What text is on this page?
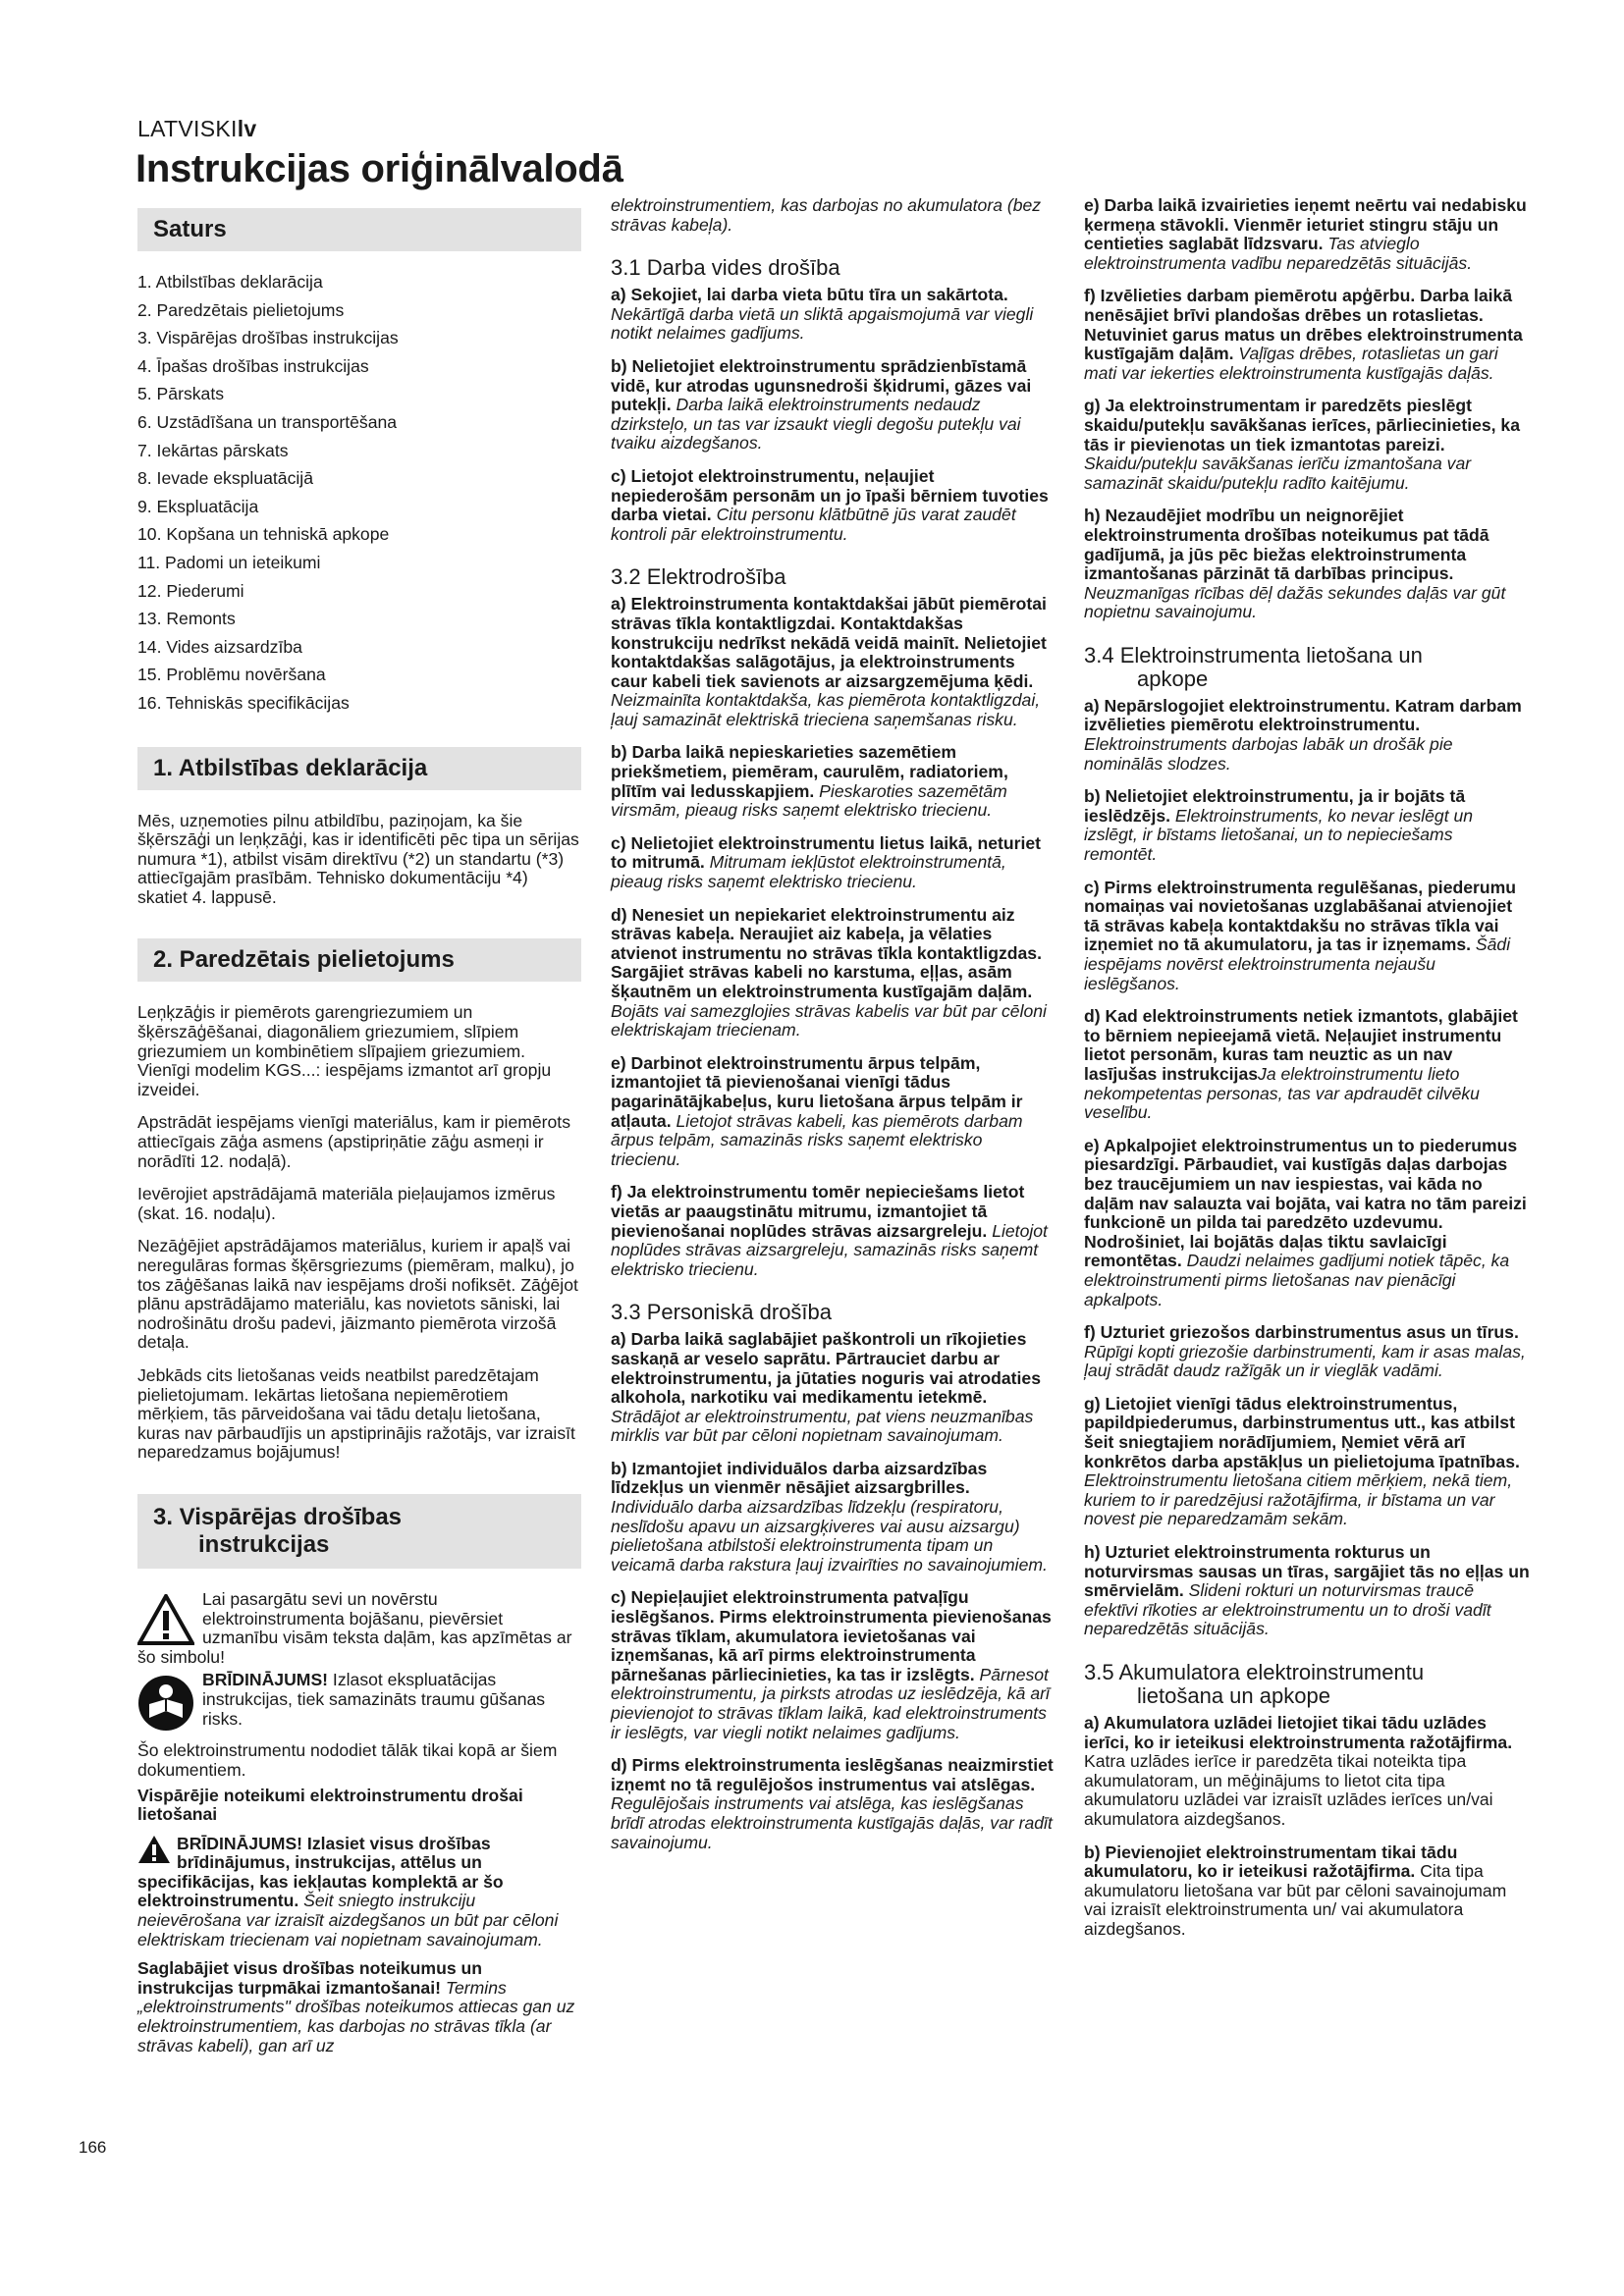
LATVISKIlv
Instrukcijas oriģinālvalodā
Saturs
1. Atbilstības deklarācija
2. Paredzētais pielietojums
3. Vispārējas drošības instrukcijas
4. Īpašas drošības instrukcijas
5. Pārskats
6. Uzstādīšana un transportēšana
7. Iekārtas pārskats
8. Ievade ekspluatācijā
9. Ekspluatācija
10. Kopšana un tehniskā apkope
11. Padomi un ieteikumi
12. Piederumi
13. Remonts
14. Vides aizsardzība
15. Problēmu novēršana
16. Tehniskās specifikācijas
1. Atbilstības deklarācija

Mēs, uzņemoties pilnu atbildību, paziņojam, ka šie šķērszāģi un leņķzāģi, kas ir identificēti pēc tipa un sērijas numura *1), atbilst visām direktīvu (*2) un standartu (*3) attiecīgajām prasībām. Tehnisko dokumentāciju *4) skatiet 4. lappusē.

2. Paredzētais pielietojums

Leņķzāģis ir piemērots garengriezumiem un šķērszāģēšanai, diagonāliem griezumiem, slīpiem griezumiem un kombinētiem slīpajiem griezumiem.
Vienīgi modelim KGS...: iespējams izmantot arī gropju izveidei.

Apstrādāt iespējams vienīgi materiālus, kam ir piemērots attiecīgais zāģa asmens (apstipriņātie zāģu asmeņi ir norādīti 12. nodaļā).

Ievērojiet apstrādājamā materiāla pieļaujamos izmērus (skat. 16. nodaļu).

Nezāģējiet apstrādājamos materiālus, kuriem ir apaļš vai neregulāras formas šķērsgriezums (piemēram, malku), jo tos zāģēšanas laikā nav iespējams droši nofiksēt. Zāģējot plānu apstrādājamo materiālu, kas novietots sāniski, lai nodrošinātu drošu padevi, jāizmanto piemērota virzošā detaļa.

Jebkāds cits lietošanas veids neatbilst paredzētajam pielietojumam. Iekārtas lietošana nepiemērotiem mērķiem, tās pārveidošana vai tādu detaļu lietošana, kuras nav pārbaudījis un apstiprinājis ražotājs, var izraisīt neparedzamus bojājumus!

3. Vispārējas drošības
instrukcijas
Lai pasargātu sevi un novērstu elektroinstrumenta bojāšanu, pievērsiet uzmanību visām teksta daļām, kas apzīmētas ar šo simbolu!
BRĪDINĀJUMS! Izlasot ekspluatācijas instrukcijas, tiek samazināts traumu gūšanas risks.

Šo elektroinstrumentu nododiet tālāk tikai kopā ar šiem dokumentiem.

Vispārējie noteikumi elektroinstrumentu drošai lietošanai

BRĪDINĀJUMS! Izlasiet visus drošības brīdinājumus, instrukcijas, attēlus un specifikācijas, kas iekļautas komplektā ar šo elektroinstrumentu. Šeit sniegto instrukciju neievērošana var izraisīt aizdegšanos un būt par cēloni elektriskam triecienam vai nopietnam savainojumam.

Saglabājiet visus drošības noteikumus un instrukcijas turpmākai izmantošanai! Termins „elektroinstruments" drošības noteikumos attiecas gan uz elektroinstrumentiem, kas darbojas no strāvas tīkla (ar strāvas kabeli), gan arī uz

elektroinstrumentiem, kas darbojas no akumulatora (bez strāvas kabeļa).

3.1 Darba vides drošība

a) Sekojiet, lai darba vieta būtu tīra un sakārtota. Nekārtīgā darba vietā un sliktā apgaismojumā var viegli notikt nelaimes gadījums.

b) Nelietojiet elektroinstrumentu sprādzienbīstamā vidē, kur atrodas ugunsnedroši šķidrumi, gāzes vai putekļi. Darba laikā elektroinstruments nedaudz dzirksteļo, un tas var izsaukt viegli degošu putekļu vai tvaiku aizdegšanos.

c) Lietojot elektroinstrumentu, neļaujiet nepiederošām personām un jo īpaši bērniem tuvoties darba vietai. Citu personu klātbūtnē jūs varat zaudēt kontroli pār elektroinstrumentu.

3.2 Elektrodrošība

a) Elektroinstrumenta kontaktdakšai jābūt piemērotai strāvas tīkla kontaktligzdai. Kontaktdakšas konstrukciju nedrīkst nekādā veidā mainīt. Nelietojiet kontaktdakšas salāgotājus, ja elektroinstruments caur kabeli tiek savienots ar aizsargzemējuma ķēdi. Neizmainīta kontaktdakša, kas piemērota kontaktligzdai, ļauj samazināt elektriskā trieciena saņemšanas risku.

b) Darba laikā nepieskarieties sazemētiem priekšmetiem, piemēram, caurulēm, radiatoriem, plītīm vai ledusskapjiem. Pieskaroties sazemētām virsmām, pieaug risks saņemt elektrisko triecienu.

c) Nelietojiet elektroinstrumentu lietus laikā, neturiet to mitrumā. Mitrumam iekļūstot elektroinstrumentā, pieaug risks saņemt elektrisko triecienu.

d) Nenesiet un nepiekariet elektroinstrumentu aiz strāvas kabeļa. Neraujiet aiz kabeļa, ja vēlaties atvienot instrumentu no strāvas tīkla kontaktligzdas. Sargājiet strāvas kabeli no karstuma, eļļas, asām šķautnēm un elektroinstrumenta kustīgajām daļām. Bojāts vai samezglojies strāvas kabelis var būt par cēloni elektriskajam triecienam.

e) Darbinot elektroinstrumentu ārpus telpām, izmantojiet tā pievienošanai vienīgi tādus pagarinātājkabeļus, kuru lietošana ārpus telpām ir atļauta. Lietojot strāvas kabeli, kas piemērots darbam ārpus telpām, samazinās risks saņemt elektrisko triecienu.

f) Ja elektroinstrumentu tomēr nepieciešams lietot vietās ar paaugstinātu mitrumu, izmantojiet tā pievienošanai noplūdes strāvas aizsargreleju. Lietojot noplūdes strāvas aizsargreleju, samazinās risks saņemt elektrisko triecienu.

3.3 Personiskā drošība

a) Darba laikā saglabājiet paškontroli un rīkojieties saskaņā ar veselo saprātu. Pārtrauciet darbu ar elektroinstrumentu, ja jūtaties noguris vai atrodaties alkohola, narkotiku vai medikamentu ietekmē. Strādājot ar elektroinstrumentu, pat viens neuzmanības mirklis var būt par cēloni nopietnam savainojumam.

b) Izmantojiet individuālos darba aizsardzības līdzekļus un vienmēr nēsājiet aizsargbrilles. Individuālo darba aizsardzības līdzekļu (respiratoru, neslīdošu apavu un aizsargķiveres vai ausu aizsargu) pielietošana atbilstoši elektroinstrumenta tipam un veicamā darba rakstura ļauj izvairīties no savainojumiem.

c) Nepieļaujiet elektroinstrumenta patvaļīgu ieslēgšanos. Pirms elektroinstrumenta pievienošanas strāvas tīklam, akumulatora ievietošanas vai izņemšanas, kā arī pirms elektroinstrumenta pārnešanas pārliecinieties, ka tas ir izslēgts. Pārnesot elektroinstrumentu, ja pirksts atrodas uz ieslēdzēja, kā arī pievienojot to strāvas tīklam laikā, kad elektroinstruments ir ieslēgts, var viegli notikt nelaimes gadījums.

d) Pirms elektroinstrumenta ieslēgšanas neaizmirstiet izņemt no tā regulējošos instrumentus vai atslēgas. Regulējošais instruments vai atslēga, kas ieslēgšanas brīdī atrodas elektroinstrumenta kustīgajās daļās, var radīt savainojumu.

e) Darba laikā izvairieties ieņemt neērtu vai nedabisku ķermeņa stāvokli. Vienmēr ieturiet stingru stāju un centieties saglabāt līdzsvaru. Tas atvieglo elektroinstrumenta vadību neparedzētās situācijās.

f) Izvēlieties darbam piemērotu apģērbu. Darba laikā nenēsājiet brīvi plandošas drēbes un rotaslietas. Netuviniet garus matus un drēbes elektroinstrumenta kustīgajām daļām. Vaļīgas drēbes, rotaslietas un gari mati var iekerties elektroinstrumenta kustīgajās daļās.

g) Ja elektroinstrumentam ir paredzēts pieslēgt skaidu/putekļu savākšanas ierīces, pārliecinieties, ka tās ir pievienotas un tiek izmantotas pareizi. Skaidu/putekļu savākšanas ierīču izmantošana var samazināt skaidu/putekļu radīto kaitējumu.

h) Nezaudējiet modrību un neignorējiet elektroinstrumenta drošības noteikumus pat tādā gadījumā, ja jūs pēc biežas elektroinstrumenta izmantošanas pārzināt tā darbības principus. Neuzmanīgas rīcības dēļ dažās sekundes daļās var gūt nopietnu savainojumu.

3.4 Elektroinstrumenta lietošana un
apkope

a) Nepārslogojiet elektroinstrumentu. Katram darbam izvēlieties piemērotu elektroinstrumentu. Elektroinstruments darbojas labāk un drošāk pie nominālās slodzes.

b) Nelietojiet elektroinstrumentu, ja ir bojāts tā ieslēdzējs. Elektroinstruments, ko nevar ieslēgt un izslēgt, ir bīstams lietošanai, un to nepieciešams remontēt.

c) Pirms elektroinstrumenta regulēšanas, piederumu nomaiņas vai novietošanas uzglabāšanai atvienojiet tā strāvas kabeļa kontaktdakšu no strāvas tīkla vai izņemiet no tā akumulatoru, ja tas ir izņemams. Šādi iespējams novērst elektroinstrumenta nejaušu ieslēgšanos.

d) Kad elektroinstruments netiek izmantots, glabājiet to bērniem nepieejamā vietā. Neļaujiet instrumentu lietot personām, kuras tam neuztic as un nav lasījušas instrukcijasJa elektroinstrumentu lieto nekompetentas personas, tas var apdraudēt cilvēku veselību.

e) Apkalpojiet elektroinstrumentus un to piederumus piesardzīgi. Pārbaudiet, vai kustīgās daļas darbojas bez traucējumiem un nav iespiestas, vai kāda no daļām nav salauzta vai bojāta, vai katra no tām pareizi funkcionē un pilda tai paredzēto uzdevumu. Nodrošiniet, lai bojātās daļas tiktu savlaicīgi remontētas. Daudzi nelaimes gadījumi notiek tāpēc, ka elektroinstrumenti pirms lietošanas nav pienācīgi apkalpots.

f) Uzturiet griezošos darbinstrumentus asus un tīrus. Rūpīgi kopti griezošie darbinstrumenti, kam ir asas malas, ļauj strādāt daudz ražīgāk un ir vieglāk vadāmi.

g) Lietojiet vienīgi tādus elektroinstrumentus, papildpiederumus, darbinstrumentus utt., kas atbilst šeit sniegtajiem norādījumiem, Ņemiet vērā arī konkrētos darba apstākļus un pielietojuma īpatnības. Elektroinstrumentu lietošana citiem mērķiem, nekā tiem, kuriem to ir paredzējusi ražotājfirma, ir bīstama un var novest pie neparedzamām sekām.

h) Uzturiet elektroinstrumenta rokturus un noturvirsmas sausas un tīras, sargājiet tās no eļļas un smērvielām. Slideni rokturi un noturvirsmas traucē efektīvi rīkoties ar elektroinstrumentu un to droši vadīt neparedzētās situācijās.

3.5 Akumulatora elektroinstrumentu
lietošana un apkope

a) Akumulatora uzlādei lietojiet tikai tādu uzlādes ierīci, ko ir ieteikusi elektroinstrumenta ražotājfirma. Katra uzlādes ierīce ir paredzēta tikai noteikta tipa akumulatoram, un mēģinājums to lietot cita tipa akumulatoru uzlādei var izraisīt uzlādes ierīces un/vai akumulatora aizdegšanos.

b) Pievienojiet elektroinstrumentam tikai tādu akumulatoru, ko ir ieteikusi ražotājfirma. Cita tipa akumulatoru lietošana var būt par cēloni savainojumam vai izraisīt elektroinstrumenta un/ vai akumulatora aizdegšanos.

166
